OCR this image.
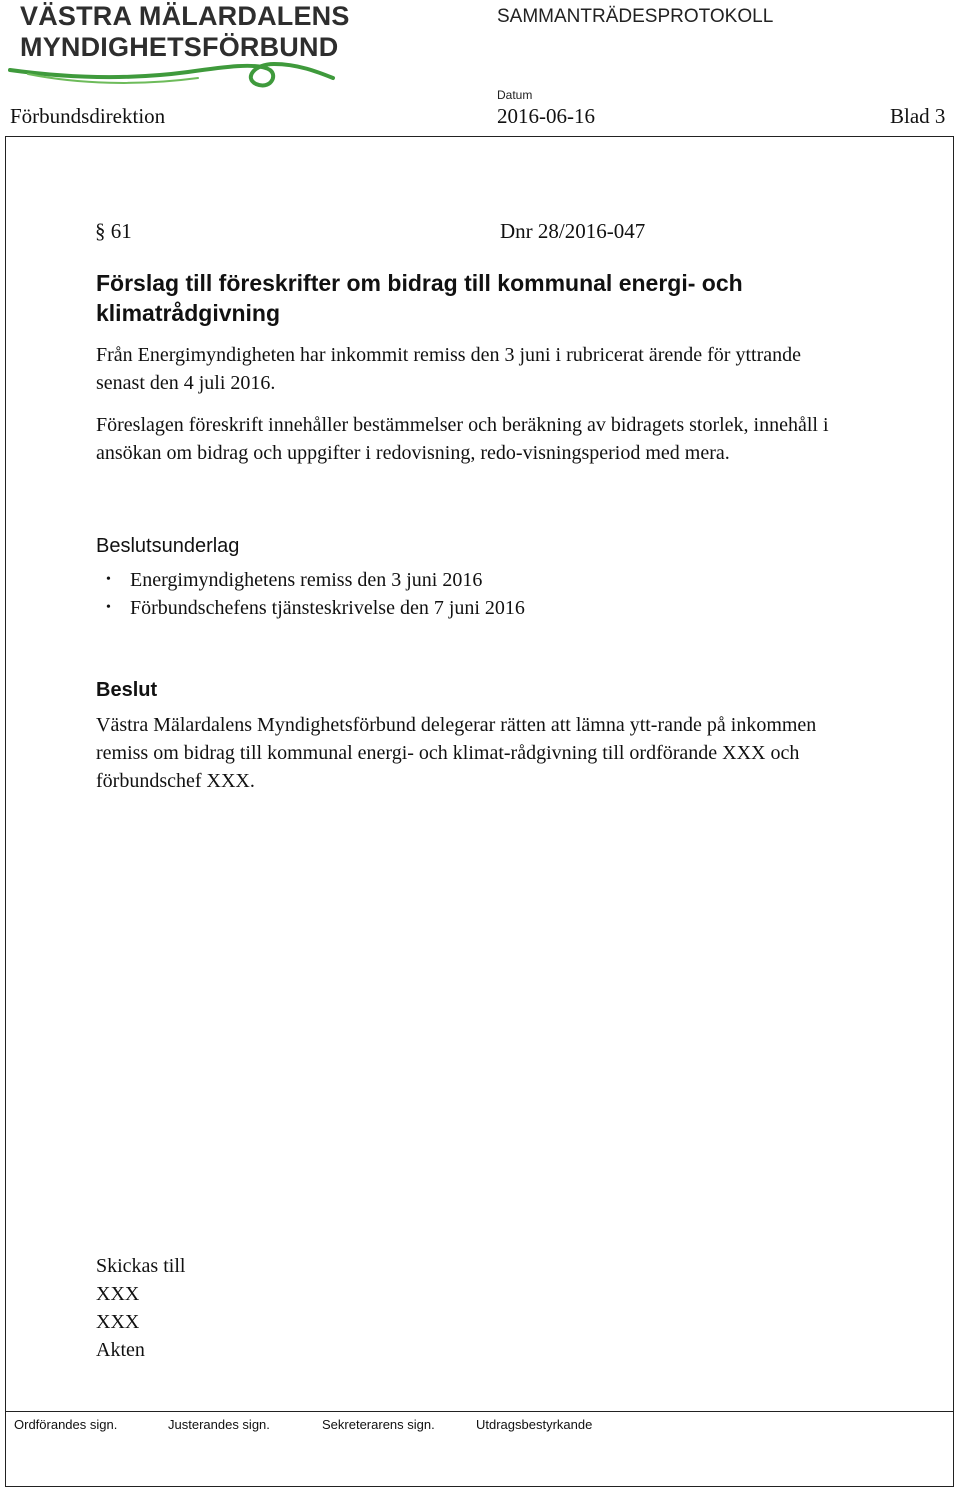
VÄSTRA MÄLARDALENS
MYNDIGHETSFÖRBUND
SAMMANTRÄDESPROTOKOLL
Datum
Förbundsdirektion	2016-06-16	Blad 3
§ 61	Dnr 28/2016-047
Förslag till föreskrifter om bidrag till kommunal energi- och klimatrådgivning
Från Energimyndigheten har inkommit remiss den 3 juni i rubricerat ärende för yttrande senast den 4 juli 2016.
Föreslagen föreskrift innehåller bestämmelser och beräkning av bidragets storlek, innehåll i ansökan om bidrag och uppgifter i redovisning, redo-visningsperiod med mera.
Beslutsunderlag
• Energimyndighetens remiss den 3 juni 2016
• Förbundschefens tjänsteskrivelse den 7 juni 2016
Beslut
Västra Mälardalens Myndighetsförbund delegerar rätten att lämna ytt-rande på inkommen remiss om bidrag till kommunal energi- och klimat-rådgivning till ordförande XXX och förbundschef XXX.
Skickas till
XXX
XXX
Akten
Ordförandes sign.	Justerandes sign.	Sekreterarens sign.	Utdragsbestyrkande
